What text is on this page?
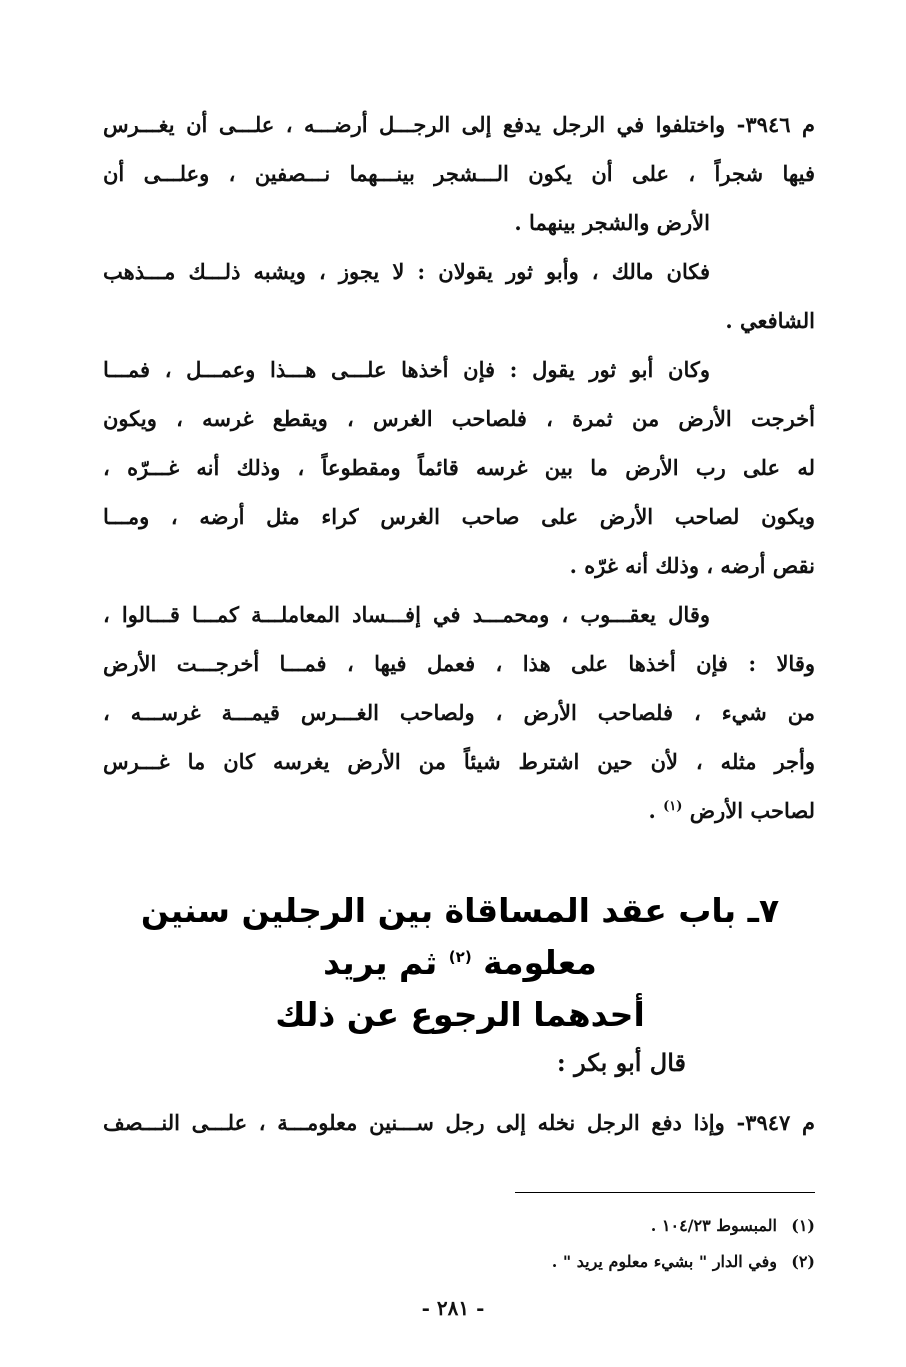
م ٣٩٤٦- واختلفوا في الرجل يدفع إلى الرجـــل أرضـــه ، علـــى أن يغـــرس
فيها شجراً ، على أن يكون الـــشجر بينـــهما نـــصفين ، وعلـــى أن
الأرض والشجر بينهما .
فكان مالك ، وأبو ثور يقولان : لا يجوز ، ويشبه ذلـــك مـــذهب
الشافعي .
وكان أبو ثور يقول : فإن أخذها علـــى هـــذا وعمـــل ، فمـــا
أخرجت الأرض من ثمرة ، فلصاحب الغرس ، ويقطع غرسه ، ويكون
له على رب الأرض ما بين غرسه قائماً ومقطوعاً ، وذلك أنه غـــرّه ،
ويكون لصاحب الأرض على صاحب الغرس كراء مثل أرضه ، ومـــا
نقص أرضه ، وذلك أنه غرّه .
وقال يعقـــوب ، ومحمـــد في إفـــساد المعاملـــة كمـــا قـــالوا ،
وقالا : فإن أخذها على هذا ، فعمل فيها ، فمـــا أخرجـــت الأرض
من شيء ، فلصاحب الأرض ، ولصاحب الغـــرس قيمـــة غرســـه ،
وأجر مثله ، لأن حين اشترط شيئاً من الأرض يغرسه كان ما غـــرس
لصاحب الأرض $^{(١)}$ .
٧ـ باب عقد المساقاة بين الرجلين سنين معلومة $^{(٢)}$ ثم يريد
أحدهما الرجوع عن ذلك
قال أبو بكر :
م ٣٩٤٧- وإذا دفع الرجل نخله إلى رجل ســـنين معلومـــة ، علـــى النـــصف
(١)
المبسوط ١٠٤/٢٣ .
(٢)
وفي الدار " بشيء معلوم يريد " .
- ٢٨١ -
